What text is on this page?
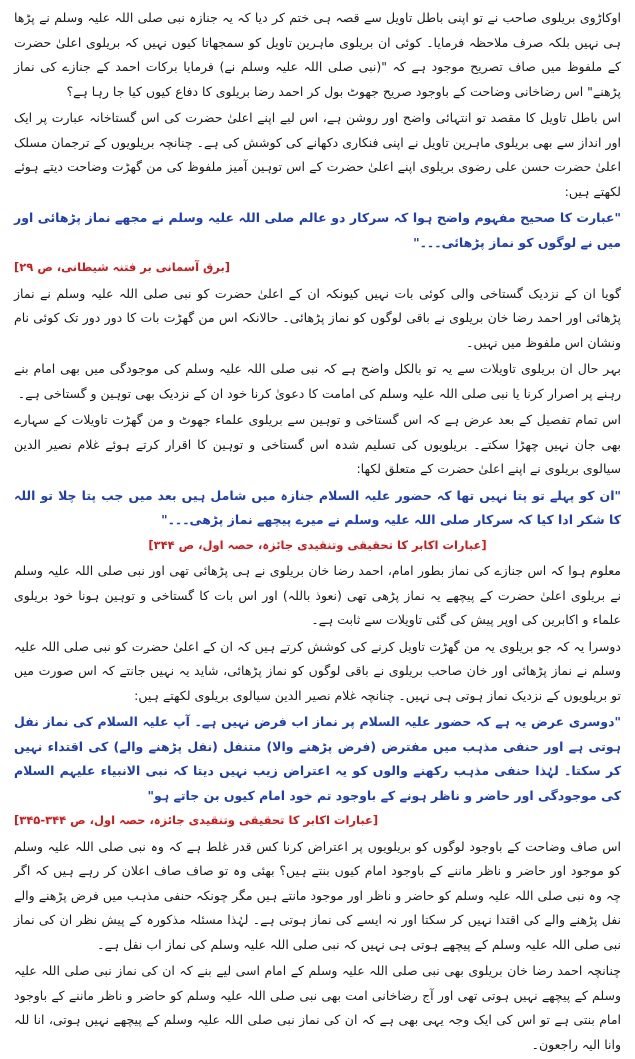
اوکاڑوی بریلوی صاحب نے تو اپنی باطل تاویل سے قصہ ہی ختم کر دیا کہ یہ جنازہ نبی صلی اللہ علیہ وسلم نے پڑھا ہی نہیں بلکہ صرف ملاحظہ فرمایا۔ کوئی ان بریلوی ماہرین تاویل کو سمجھاتا کیوں نہیں کہ بریلوی اعلیٰ حضرت کے ملفوظ میں صاف تصریح موجود ہے کہ "(نبی صلی اللہ علیہ وسلم نے) فرمایا برکات احمد کے جنازے کی نماز پڑھنے" اس رضاخانی وضاحت کے باوجود صریح جھوٹ بول کر احمد رضا بریلوی کا دفاع کیوں کیا جا رہا ہے؟

اس باطل تاویل کا مقصد تو انتہائی واضح اور روشن ہے، اس لیے اپنے اعلیٰ حضرت کی اس گستاخانہ عبارت پر ایک اور انداز سے بھی بریلوی ماہرین تاویل نے اپنی فنکاری دکھانے کی کوشش کی ہے۔ چنانچہ بریلویوں کے ترجمان مسلک اعلیٰ حضرت حسن علی رضوی بریلوی اپنے اعلیٰ حضرت کے اس توہین آمیز ملفوظ کی من گھڑت وضاحت دیتے ہوئے لکھتے ہیں:

"عبارت کا صحیح مفہوم واضح ہوا کہ سرکار دو عالم صلی اللہ علیہ وسلم نے مجھے نماز پڑھائی اور میں نے لوگوں کو نماز پڑھائی۔۔۔"

[برق آسمانی بر فتنہ شیطانی، ص ۲۹]

گویا ان کے نزدیک گستاخی والی کوئی بات نہیں کیونکہ ان کے اعلیٰ حضرت کو نبی صلی اللہ علیہ وسلم نے نماز پڑھائی اور احمد رضا خان بریلوی نے باقی لوگوں کو نماز پڑھائی۔ حالانکہ اس من گھڑت بات کا دور دور تک کوئی نام ونشان اس ملفوظ میں نہیں۔

بہر حال ان بریلوی تاویلات سے یہ تو بالکل واضح ہے کہ نبی صلی اللہ علیہ وسلم کی موجودگی میں بھی امام بنے رہنے پر اصرار کرنا یا نبی صلی اللہ علیہ وسلم کی امامت کا دعویٰ کرنا خود ان کے نزدیک بھی توہین و گستاخی ہے۔

اس تمام تفصیل کے بعد عرض ہے کہ اس گستاخی و توہین سے بریلوی علماء جھوٹ و من گھڑت تاویلات کے سہارے بھی جان نہیں چھڑا سکتے۔ بریلویوں کی تسلیم شدہ اس گستاخی و توہین کا اقرار کرتے ہوئے غلام نصیر الدین سیالوی بریلوی نے اپنے اعلیٰ حضرت کے متعلق لکھا:

"ان کو پہلے تو پتا نہیں تھا کہ حضور علیہ السلام جنازہ میں شامل ہیں بعد میں جب پتا چلا تو اللہ کا شکر ادا کیا کہ سرکار صلی اللہ علیہ وسلم نے میرے پیچھے نماز پڑھی۔۔۔"

[عبارات اکابر کا تحقیقی وتنقیدی جائزہ، حصہ اول، ص ۳۴۴]

معلوم ہوا کہ اس جنازے کی نماز بطور امام، احمد رضا خان بریلوی نے ہی پڑھائی تھی اور نبی صلی اللہ علیہ وسلم نے بریلوی اعلیٰ حضرت کے پیچھے یہ نماز پڑھی تھی (نعوذ باللہ) اور اس بات کا گستاخی و توہین ہونا خود بریلوی علماء و اکابرین کی اوپر پیش کی گئی تاویلات سے ثابت ہے۔

دوسرا یہ کہ جو بریلوی یہ من گھڑت تاویل کرنے کی کوشش کرتے ہیں کہ ان کے اعلیٰ حضرت کو نبی صلی اللہ علیہ وسلم نے نماز پڑھائی اور خان صاحب بریلوی نے باقی لوگوں کو نماز پڑھائی، شاید یہ نہیں جانتے کہ اس صورت میں تو بریلویوں کے نزدیک نماز ہوتی ہی نہیں۔ چنانچہ غلام نصیر الدین سیالوی بریلوی لکھتے ہیں:

"دوسری عرض یہ ہے کہ حضور علیہ السلام پر نماز اب فرض نہیں ہے۔ آپ علیہ السلام کی نماز نفل ہوتی ہے اور حنفی مذہب میں مفترض (فرض پڑھنے والا) متنفل (نفل پڑھنے والے) کی اقتداء نہیں کر سکتا۔ لہٰذا حنفی مذہب رکھنے والوں کو یہ اعتراض زیب نہیں دیتا کہ نبی الانبیاء علیہم السلام کی موجودگی اور حاضر و ناظر ہونے کے باوجود تم خود امام کیوں بن جاتے ہو"

[عبارات اکابر کا تحقیقی وتنقیدی جائزہ، حصہ اول، ص ۳۴۴-۳۴۵]

اس صاف وضاحت کے باوجود لوگوں کو بریلویوں پر اعتراض کرنا کس قدر غلط ہے کہ وہ نبی صلی اللہ علیہ وسلم کو موجود اور حاضر و ناظر ماننے کے باوجود امام کیوں بنتے ہیں؟ بھئی وہ تو صاف صاف اعلان کر رہے ہیں کہ اگر چہ وہ نبی صلی اللہ علیہ وسلم کو حاضر و ناظر اور موجود مانتے ہیں مگر چونکہ حنفی مذہب میں فرض پڑھنے والے نفل پڑھنے والے کی اقتدا نہیں کر سکتا اور نہ ایسے کی نماز ہوتی ہے۔ لہٰذا مسئلہ مذکورہ کے پیش نظر ان کی نماز نبی صلی اللہ علیہ وسلم کے پیچھے ہوتی ہی نہیں کہ نبی صلی اللہ علیہ وسلم کی نماز اب نفل ہے۔

چنانچہ احمد رضا خان بریلوی بھی نبی صلی اللہ علیہ وسلم کے امام اسی لیے بنے کہ ان کی نماز نبی صلی اللہ علیہ وسلم کے پیچھے نہیں ہوتی تھی اور آج رضاخانی امت بھی نبی صلی اللہ علیہ وسلم کو حاضر و ناظر ماننے کے باوجود امام بنتی ہے تو اس کی ایک وجہ یہی بھی ہے کہ ان کی نماز نبی صلی اللہ علیہ وسلم کے پیچھے نہیں ہوتی، انا للہ وانا الیہ راجعون۔
